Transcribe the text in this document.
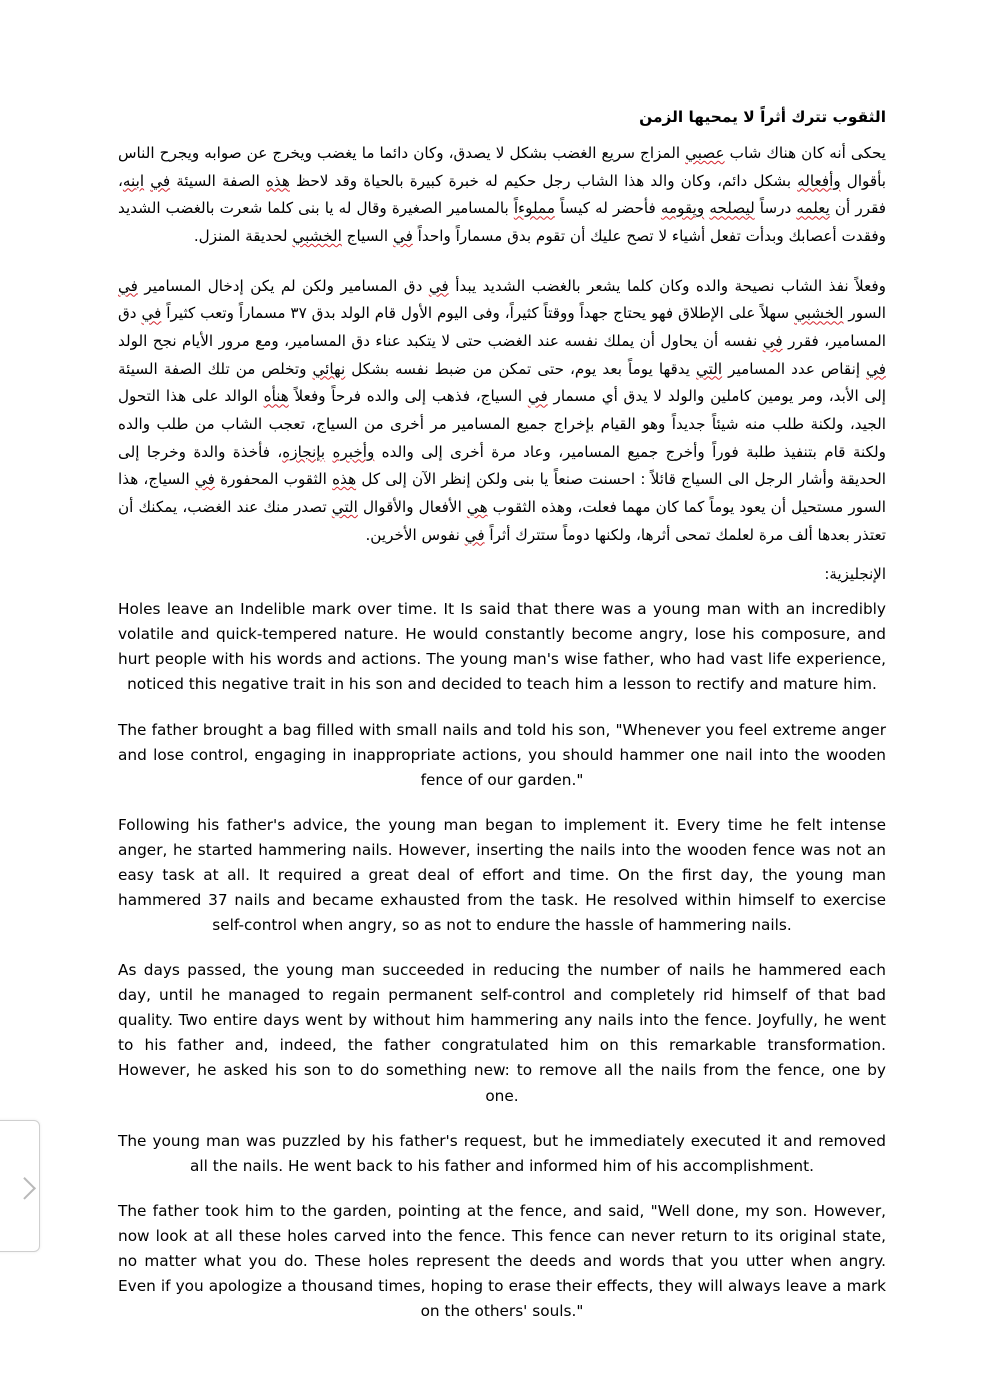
الثقوب تترك أثراً لا يمحيها الزمن

يحكى أنه كان هناك شاب عصبي المزاج سريع الغضب بشكل لا يصدق، وكان دائما ما يغضب ويخرج عن صوابه ويجرح الناس بأقوال وأفعاله بشكل دائم، وكان والد هذا الشاب رجل حكيم له خبرة كبيرة بالحياة وقد لاحظ هذه الصفة السيئة في ابنه، فقرر أن يعلمه درساً ليصلحه ويقومه فأحضر له كيساً مملوءاً بالمسامير الصغيرة وقال له يا بنى كلما شعرت بالغضب الشديد وفقدت أعصابك وبدأت تفعل أشياء لا تصح عليك أن تقوم بدق مسماراً واحداً في السياج الخشبي لحديقة المنزل.

وفعلاً نفذ الشاب نصيحة والده وكان كلما يشعر بالغضب الشديد يبدأ في دق المسامير ولكن لم يكن إدخال المسامير في السور الخشبي سهلاً على الإطلاق فهو يحتاج جهداً ووقتاً كثيراً، وفى اليوم الأول قام الولد بدق ٣٧ مسماراً وتعب كثيراً في دق المسامير، فقرر في نفسه أن يحاول أن يملك نفسه عند الغضب حتى لا يتكبد عناء دق المسامير، ومع مرور الأيام نجح الولد في إنقاص عدد المسامير التي يدقها يوماً بعد يوم، حتى تمكن من ضبط نفسه بشكل نهائي وتخلص من تلك الصفة السيئة إلى الأبد، ومر يومين كاملين والولد لا يدق أي مسمار في السياج، فذهب إلى والده فرحاً وفعلاً هنأه الوالد على هذا التحول الجيد، ولكنة طلب منه شيئاً جديداً وهو القيام بإخراج جميع المسامير مر أخرى من السياج، تعجب الشاب من طلب والده ولكنة قام بتنفيذ طلبة فوراً وأخرج جميع المسامير، وعاد مرة أخرى إلى والده وأخبره بإنجازه، فأخذة والدة وخرجا إلى الحديقة وأشار الرجل الى السياج قائلاً : احسنت صنعاً يا بنى ولكن إنظر الآن إلى كل هذه الثقوب المحفورة في السياج، هذا السور مستحيل أن يعود يوماً كما كان مهما فعلت، وهذه الثقوب هي الأفعال والأقوال التي تصدر منك عند الغضب، يمكنك أن تعتذر بعدها ألف مرة لعلمك تمحى أثرها، ولكنها دوماً ستترك أثراً في نفوس الأخرين.

الإنجليزية:

Holes leave an Indelible mark over time. It Is said that there was a young man with an incredibly volatile and quick-tempered nature. He would constantly become angry, lose his composure, and hurt people with his words and actions. The young man's wise father, who had vast life experience, noticed this negative trait in his son and decided to teach him a lesson to rectify and mature him.

The father brought a bag filled with small nails and told his son, "Whenever you feel extreme anger and lose control, engaging in inappropriate actions, you should hammer one nail into the wooden fence of our garden."

Following his father's advice, the young man began to implement it. Every time he felt intense anger, he started hammering nails. However, inserting the nails into the wooden fence was not an easy task at all. It required a great deal of effort and time. On the first day, the young man hammered 37 nails and became exhausted from the task. He resolved within himself to exercise self-control when angry, so as not to endure the hassle of hammering nails.

As days passed, the young man succeeded in reducing the number of nails he hammered each day, until he managed to regain permanent self-control and completely rid himself of that bad quality. Two entire days went by without him hammering any nails into the fence. Joyfully, he went to his father and, indeed, the father congratulated him on this remarkable transformation. However, he asked his son to do something new: to remove all the nails from the fence, one by one.

The young man was puzzled by his father's request, but he immediately executed it and removed all the nails. He went back to his father and informed him of his accomplishment.

The father took him to the garden, pointing at the fence, and said, "Well done, my son. However, now look at all these holes carved into the fence. This fence can never return to its original state, no matter what you do. These holes represent the deeds and words that you utter when angry. Even if you apologize a thousand times, hoping to erase their effects, they will always leave a mark on the others' souls."
